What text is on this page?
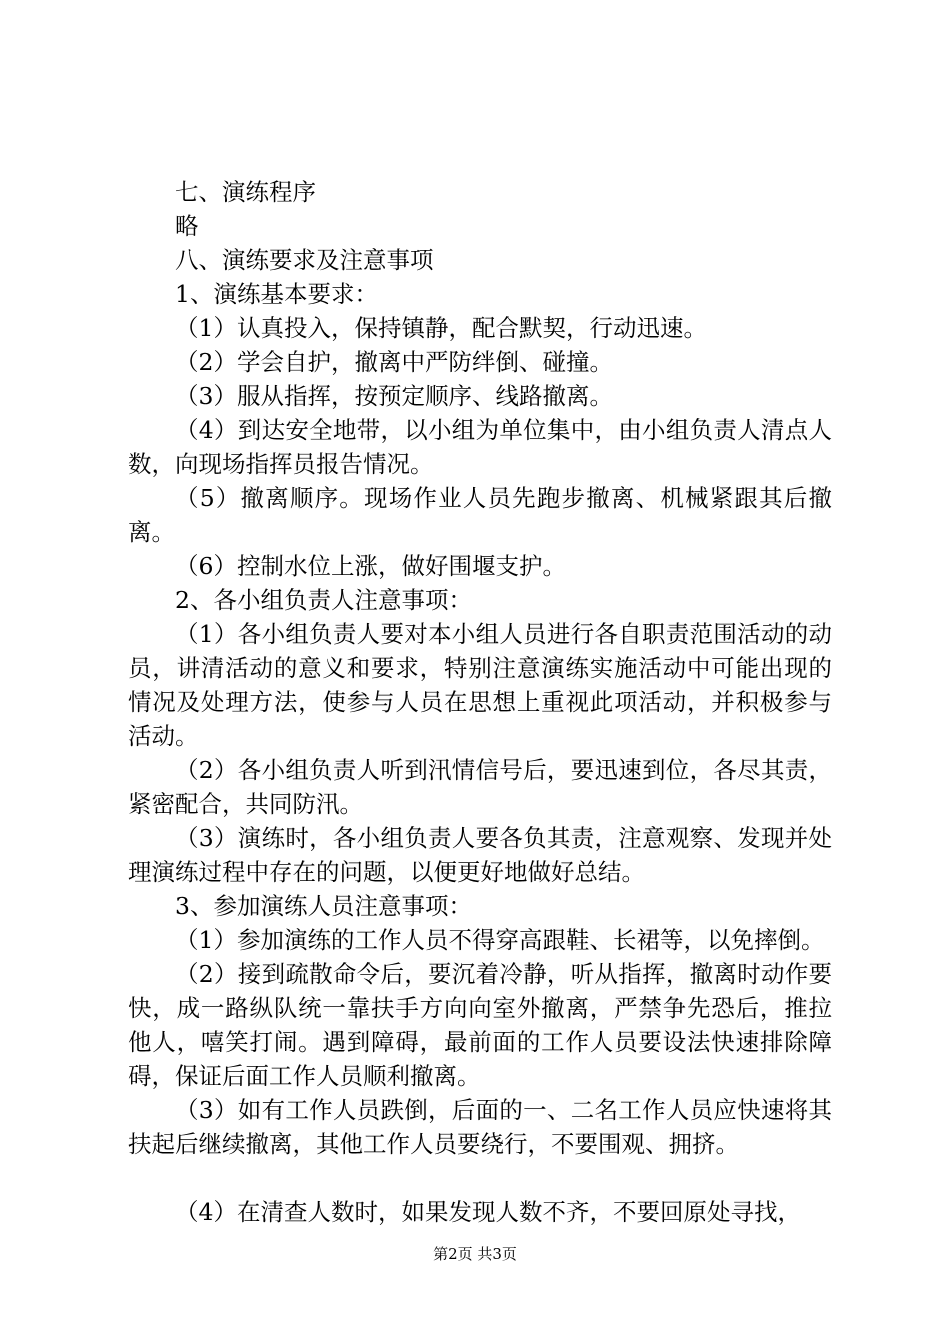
七、演练程序

略

八、演练要求及注意事项

1、演练基本要求：

（1）认真投入，保持镇静，配合默契，行动迅速。

（2）学会自护，撤离中严防绊倒、碰撞。

（3）服从指挥，按预定顺序、线路撤离。

（4）到达安全地带，以小组为单位集中，由小组负责人清点人数，向现场指挥员报告情况。

（5）撤离顺序。现场作业人员先跑步撤离、机械紧跟其后撤离。

（6）控制水位上涨，做好围堰支护。

2、各小组负责人注意事项：

（1）各小组负责人要对本小组人员进行各自职责范围活动的动员，讲清活动的意义和要求，特别注意演练实施活动中可能出现的情况及处理方法，使参与人员在思想上重视此项活动，并积极参与活动。

（2）各小组负责人听到汛情信号后，要迅速到位，各尽其责，紧密配合，共同防汛。

（3）演练时，各小组负责人要各负其责，注意观察、发现并处理演练过程中存在的问题，以便更好地做好总结。

3、参加演练人员注意事项：

（1）参加演练的工作人员不得穿高跟鞋、长裙等，以免摔倒。

（2）接到疏散命令后，要沉着冷静，听从指挥，撤离时动作要快，成一路纵队统一靠扶手方向向室外撤离，严禁争先恐后，推拉他人，嘻笑打闹。遇到障碍，最前面的工作人员要设法快速排除障碍，保证后面工作人员顺利撤离。

（3）如有工作人员跌倒，后面的一、二名工作人员应快速将其扶起后继续撤离，其他工作人员要绕行，不要围观、拥挤。

（4）在清查人数时，如果发现人数不齐，不要回原处寻找，

第2页 共3页
